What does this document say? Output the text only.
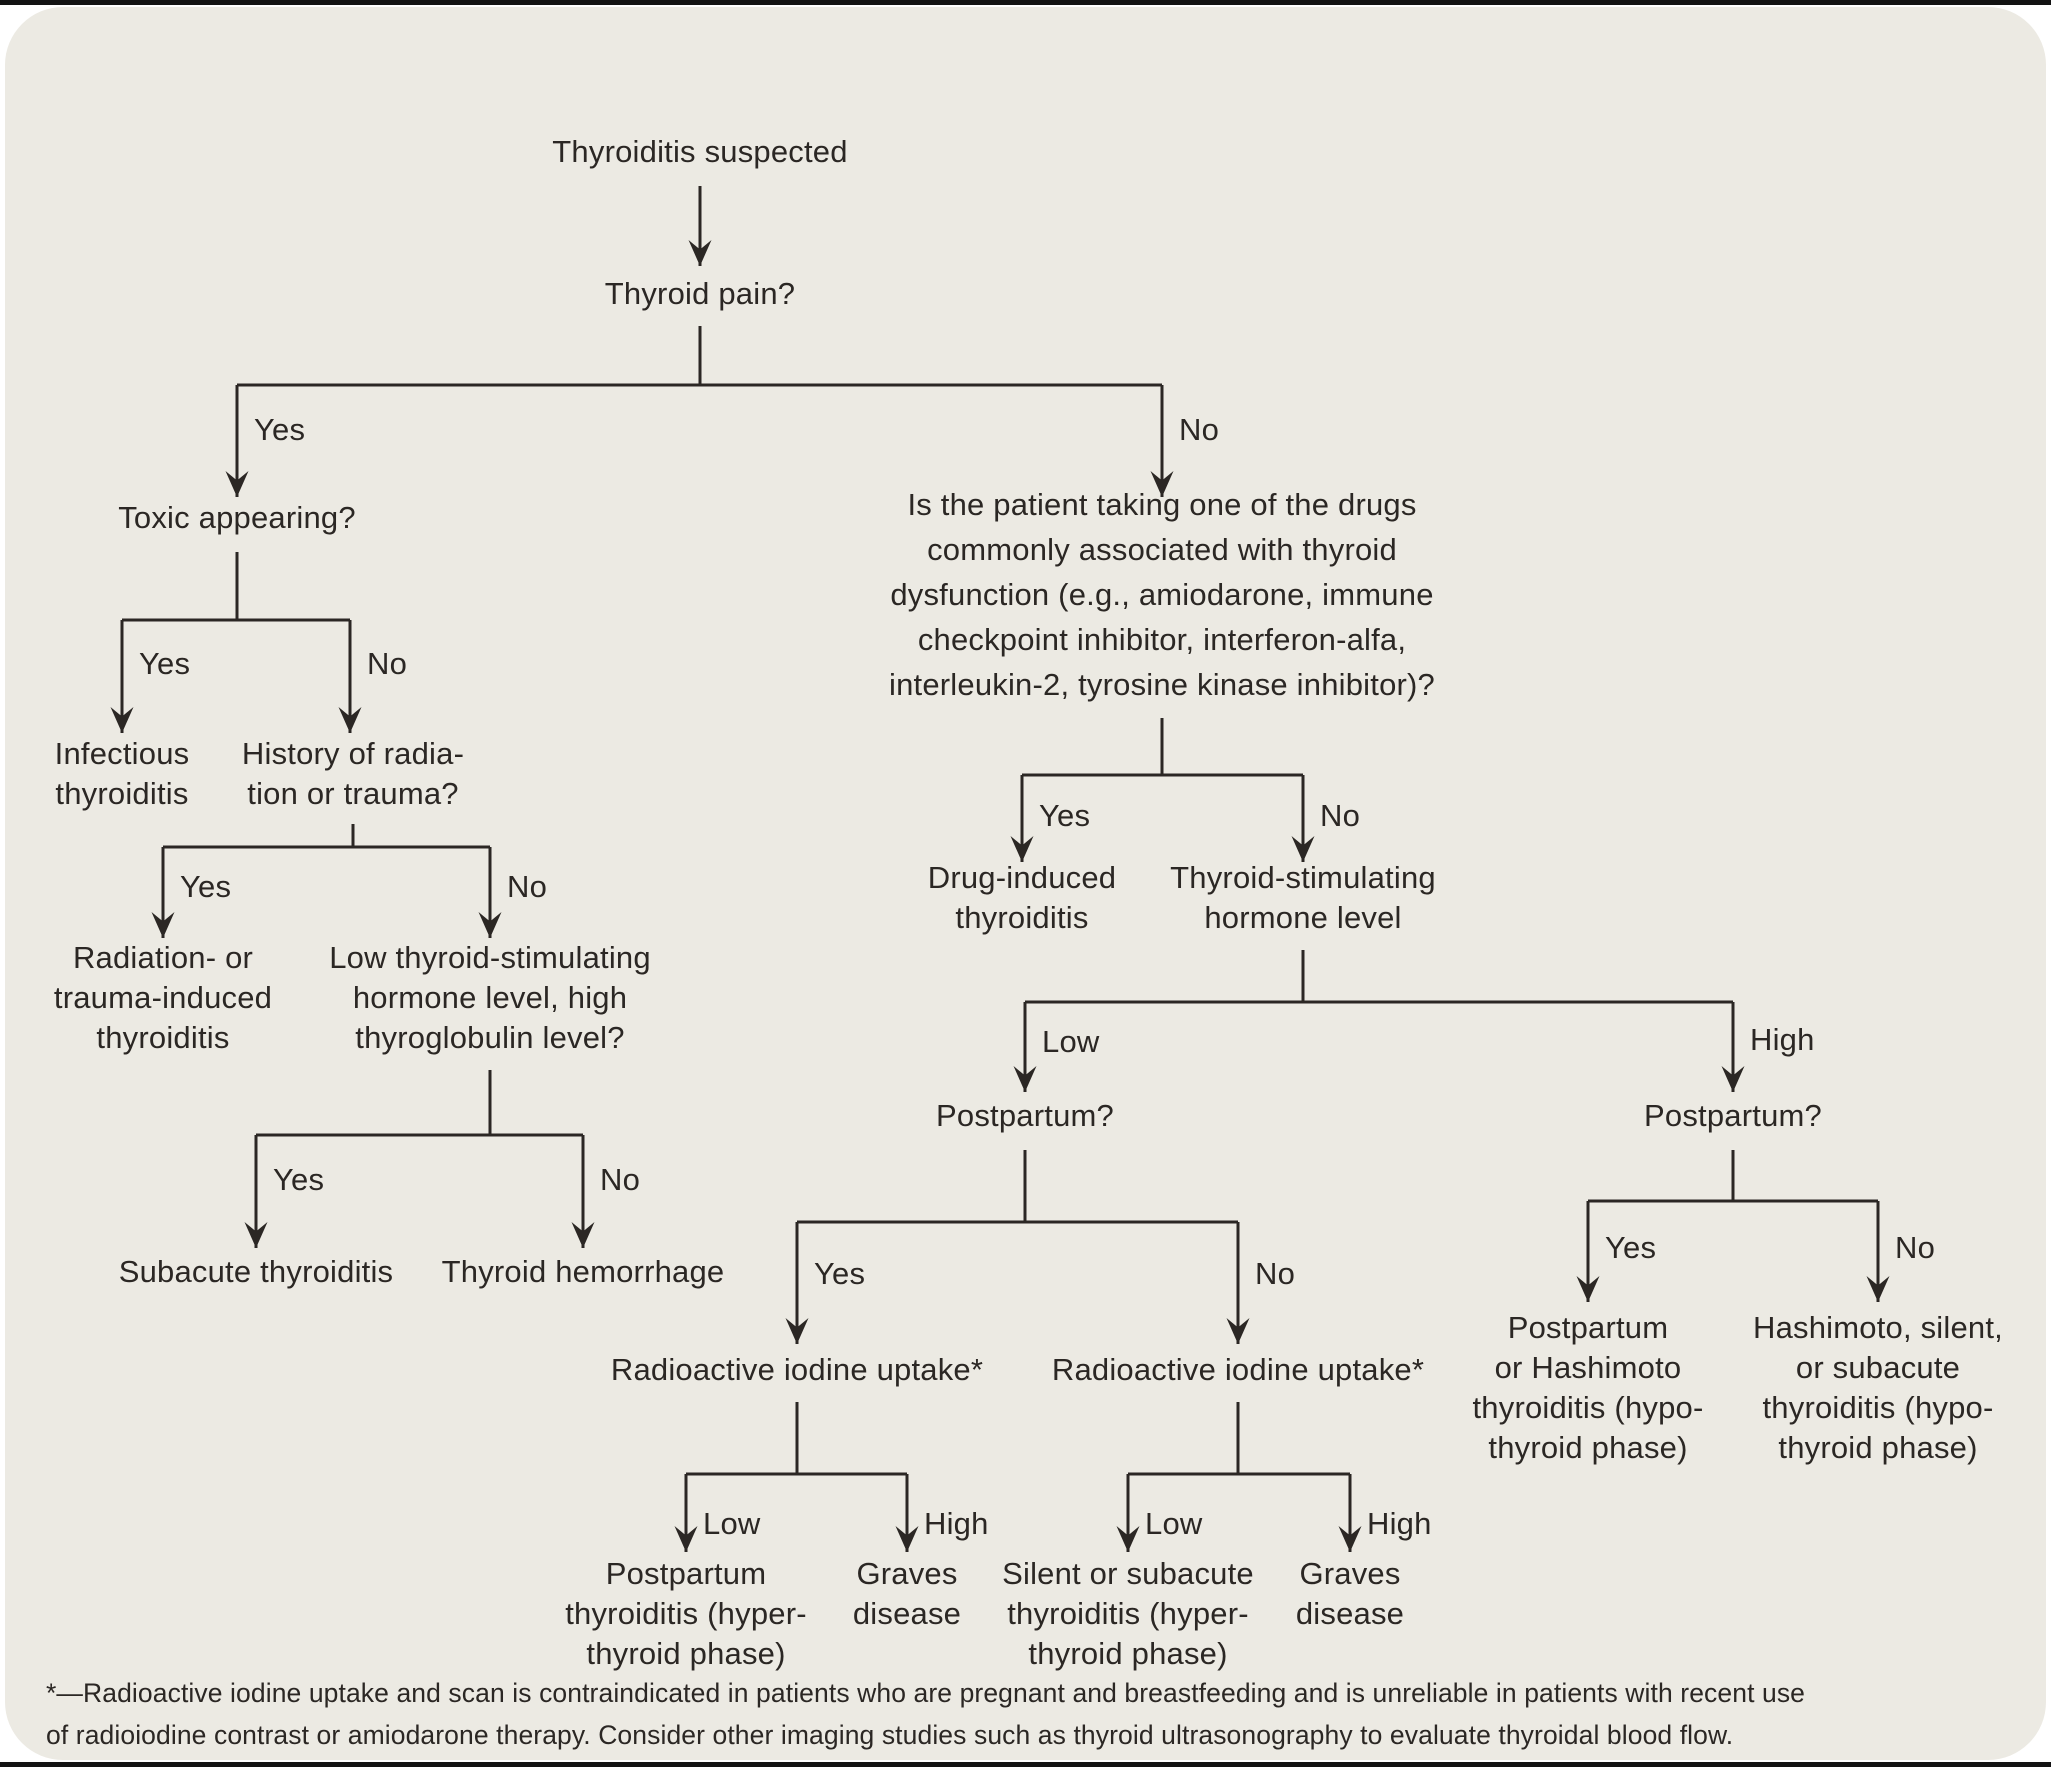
Yes	No
Yes	No
Yes	No
Yes	No
Yes	No
Low	High
Yes	No
Low	High	Low	High
Yes	No
Thyroiditis suspected
Thyroid pain?
Toxic appearing?
Infectious thyroiditis
History of radia-tion or trauma?
Radiation- or trauma-induced thyroiditis
Low thyroid-stimulating hormone level, high thyroglobulin level?
Subacute thyroiditis Thyroid hemorrhage
Is the patient taking one of the drugs commonly associated with thyroid dysfunction (e.g., amiodarone, immune checkpoint inhibitor, interferon-alfa, interleukin-2, tyrosine kinase inhibitor)?
Drug-induced thyroiditis
Thyroid-stimulating hormone level
Postpartum?	Postpartum?
Radioactive iodine uptake* Radioactive iodine uptake*
Postpartum thyroiditis (hyper-thyroid phase)
Graves disease
Silent or subacute thyroiditis (hyper-thyroid phase)
Graves disease
Postpartum or Hashimoto thyroiditis (hypo-thyroid phase)
Hashimoto, silent, or subacute thyroiditis (hypo-thyroid phase)
*—Radioactive iodine uptake and scan is contraindicated in patients who are pregnant and breastfeeding and is unreliable in patients with recent use
of radioiodine contrast or amiodarone therapy. Consider other imaging studies such as thyroid ultrasonography to evaluate thyroidal blood flow.
